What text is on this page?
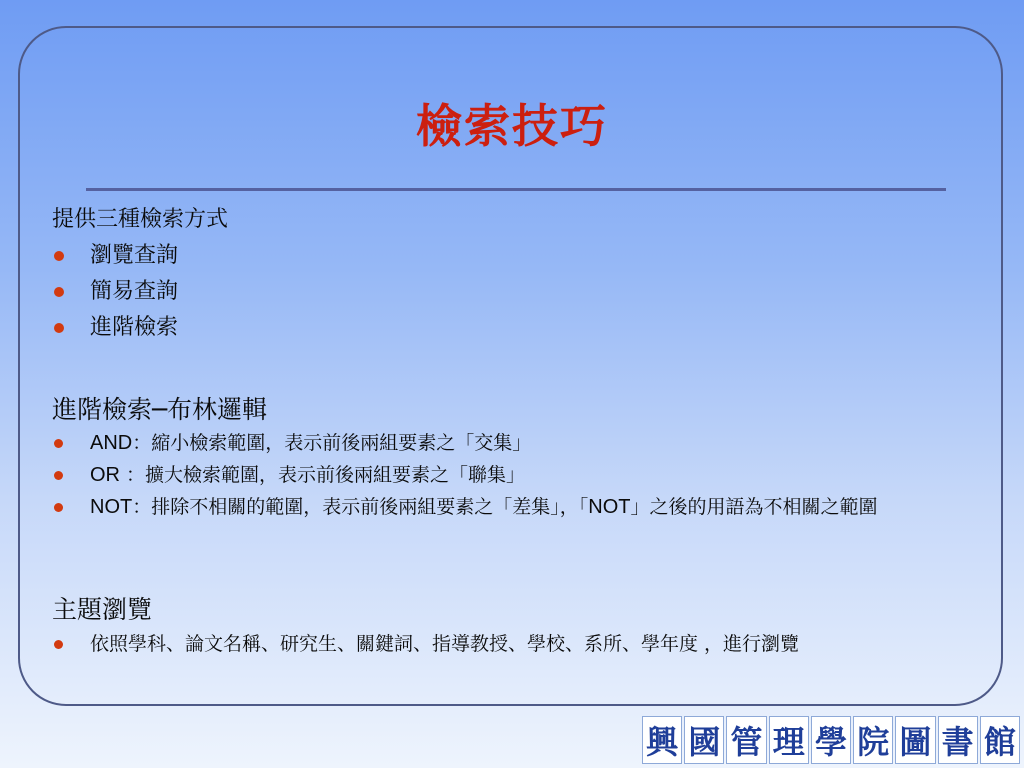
檢索技巧
提供三種檢索方式
瀏覽查詢
簡易查詢
進階檢索
進階檢索─布林邏輯
AND：縮小檢索範圍，表示前後兩組要素之「交集」
OR ：擴大檢索範圍，表示前後兩組要素之「聯集」
NOT：排除不相關的範圍，表示前後兩組要素之「差集」，「NOT」之後的用語為不相關之範圍
主題瀏覽
依照學科、論文名稱、研究生、關鍵詞、指導教授、學校、系所、學年度 ，進行瀏覽
興 國 管 理 學 院 圖 書 館
